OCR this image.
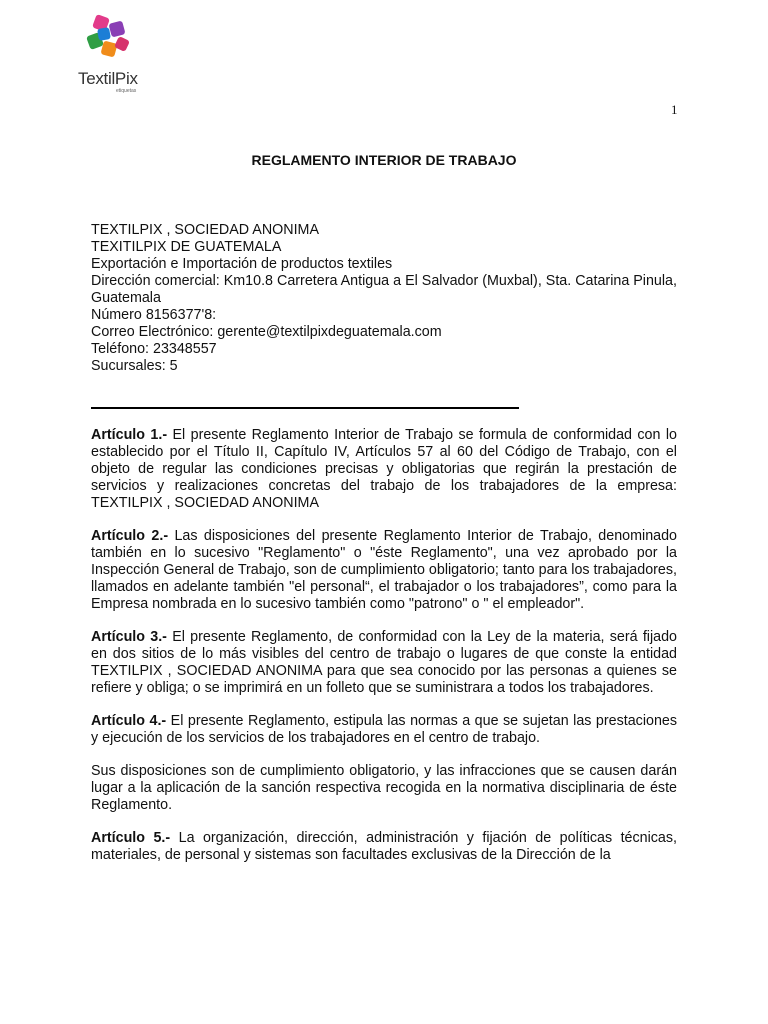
TextilPix
etiquetas
1
REGLAMENTO INTERIOR DE TRABAJO
TEXTILPIX , SOCIEDAD ANONIMA
TEXITILPIX DE GUATEMALA
Exportación e Importación de productos textiles
Dirección comercial: Km10.8 Carretera Antigua a El Salvador (Muxbal), Sta. Catarina Pinula, Guatemala
Número 8156377'8:
Correo Electrónico: gerente@textilpixdeguatemala.com
Teléfono: 23348557
Sucursales: 5

Artículo 1.- El presente Reglamento Interior de Trabajo se formula de conformidad con lo establecido por el Título II, Capítulo IV, Artículos 57 al 60 del Código de Trabajo, con el objeto de regular las condiciones precisas y obligatorias que regirán la prestación de servicios y realizaciones concretas del trabajo de los trabajadores de la empresa: TEXTILPIX , SOCIEDAD ANONIMA

Artículo 2.- Las disposiciones del presente Reglamento Interior de Trabajo, denominado también en lo sucesivo "Reglamento" o "éste Reglamento", una vez aprobado por la Inspección General de Trabajo, son de cumplimiento obligatorio; tanto para los trabajadores, llamados en adelante también "el personal“, el trabajador o los trabajadores”, como para la Empresa nombrada en lo sucesivo también como "patrono" o " el empleador".

Artículo 3.- El presente Reglamento, de conformidad con la Ley de la materia, será fijado en dos sitios de lo más visibles del centro de trabajo o lugares de que conste la entidad TEXTILPIX , SOCIEDAD ANONIMA para que sea conocido por las personas a quienes se refiere y obliga; o se imprimirá en un folleto que se suministrara a todos los trabajadores.

Artículo 4.- El presente Reglamento, estipula las normas a que se sujetan las prestaciones y ejecución de los servicios de los trabajadores en el centro de trabajo.

Sus disposiciones son de cumplimiento obligatorio, y las infracciones que se causen darán lugar a la aplicación de la sanción respectiva recogida en la normativa disciplinaria de éste Reglamento.

Artículo 5.- La organización, dirección, administración y fijación de políticas técnicas, materiales, de personal y sistemas son facultades exclusivas de la Dirección de la
